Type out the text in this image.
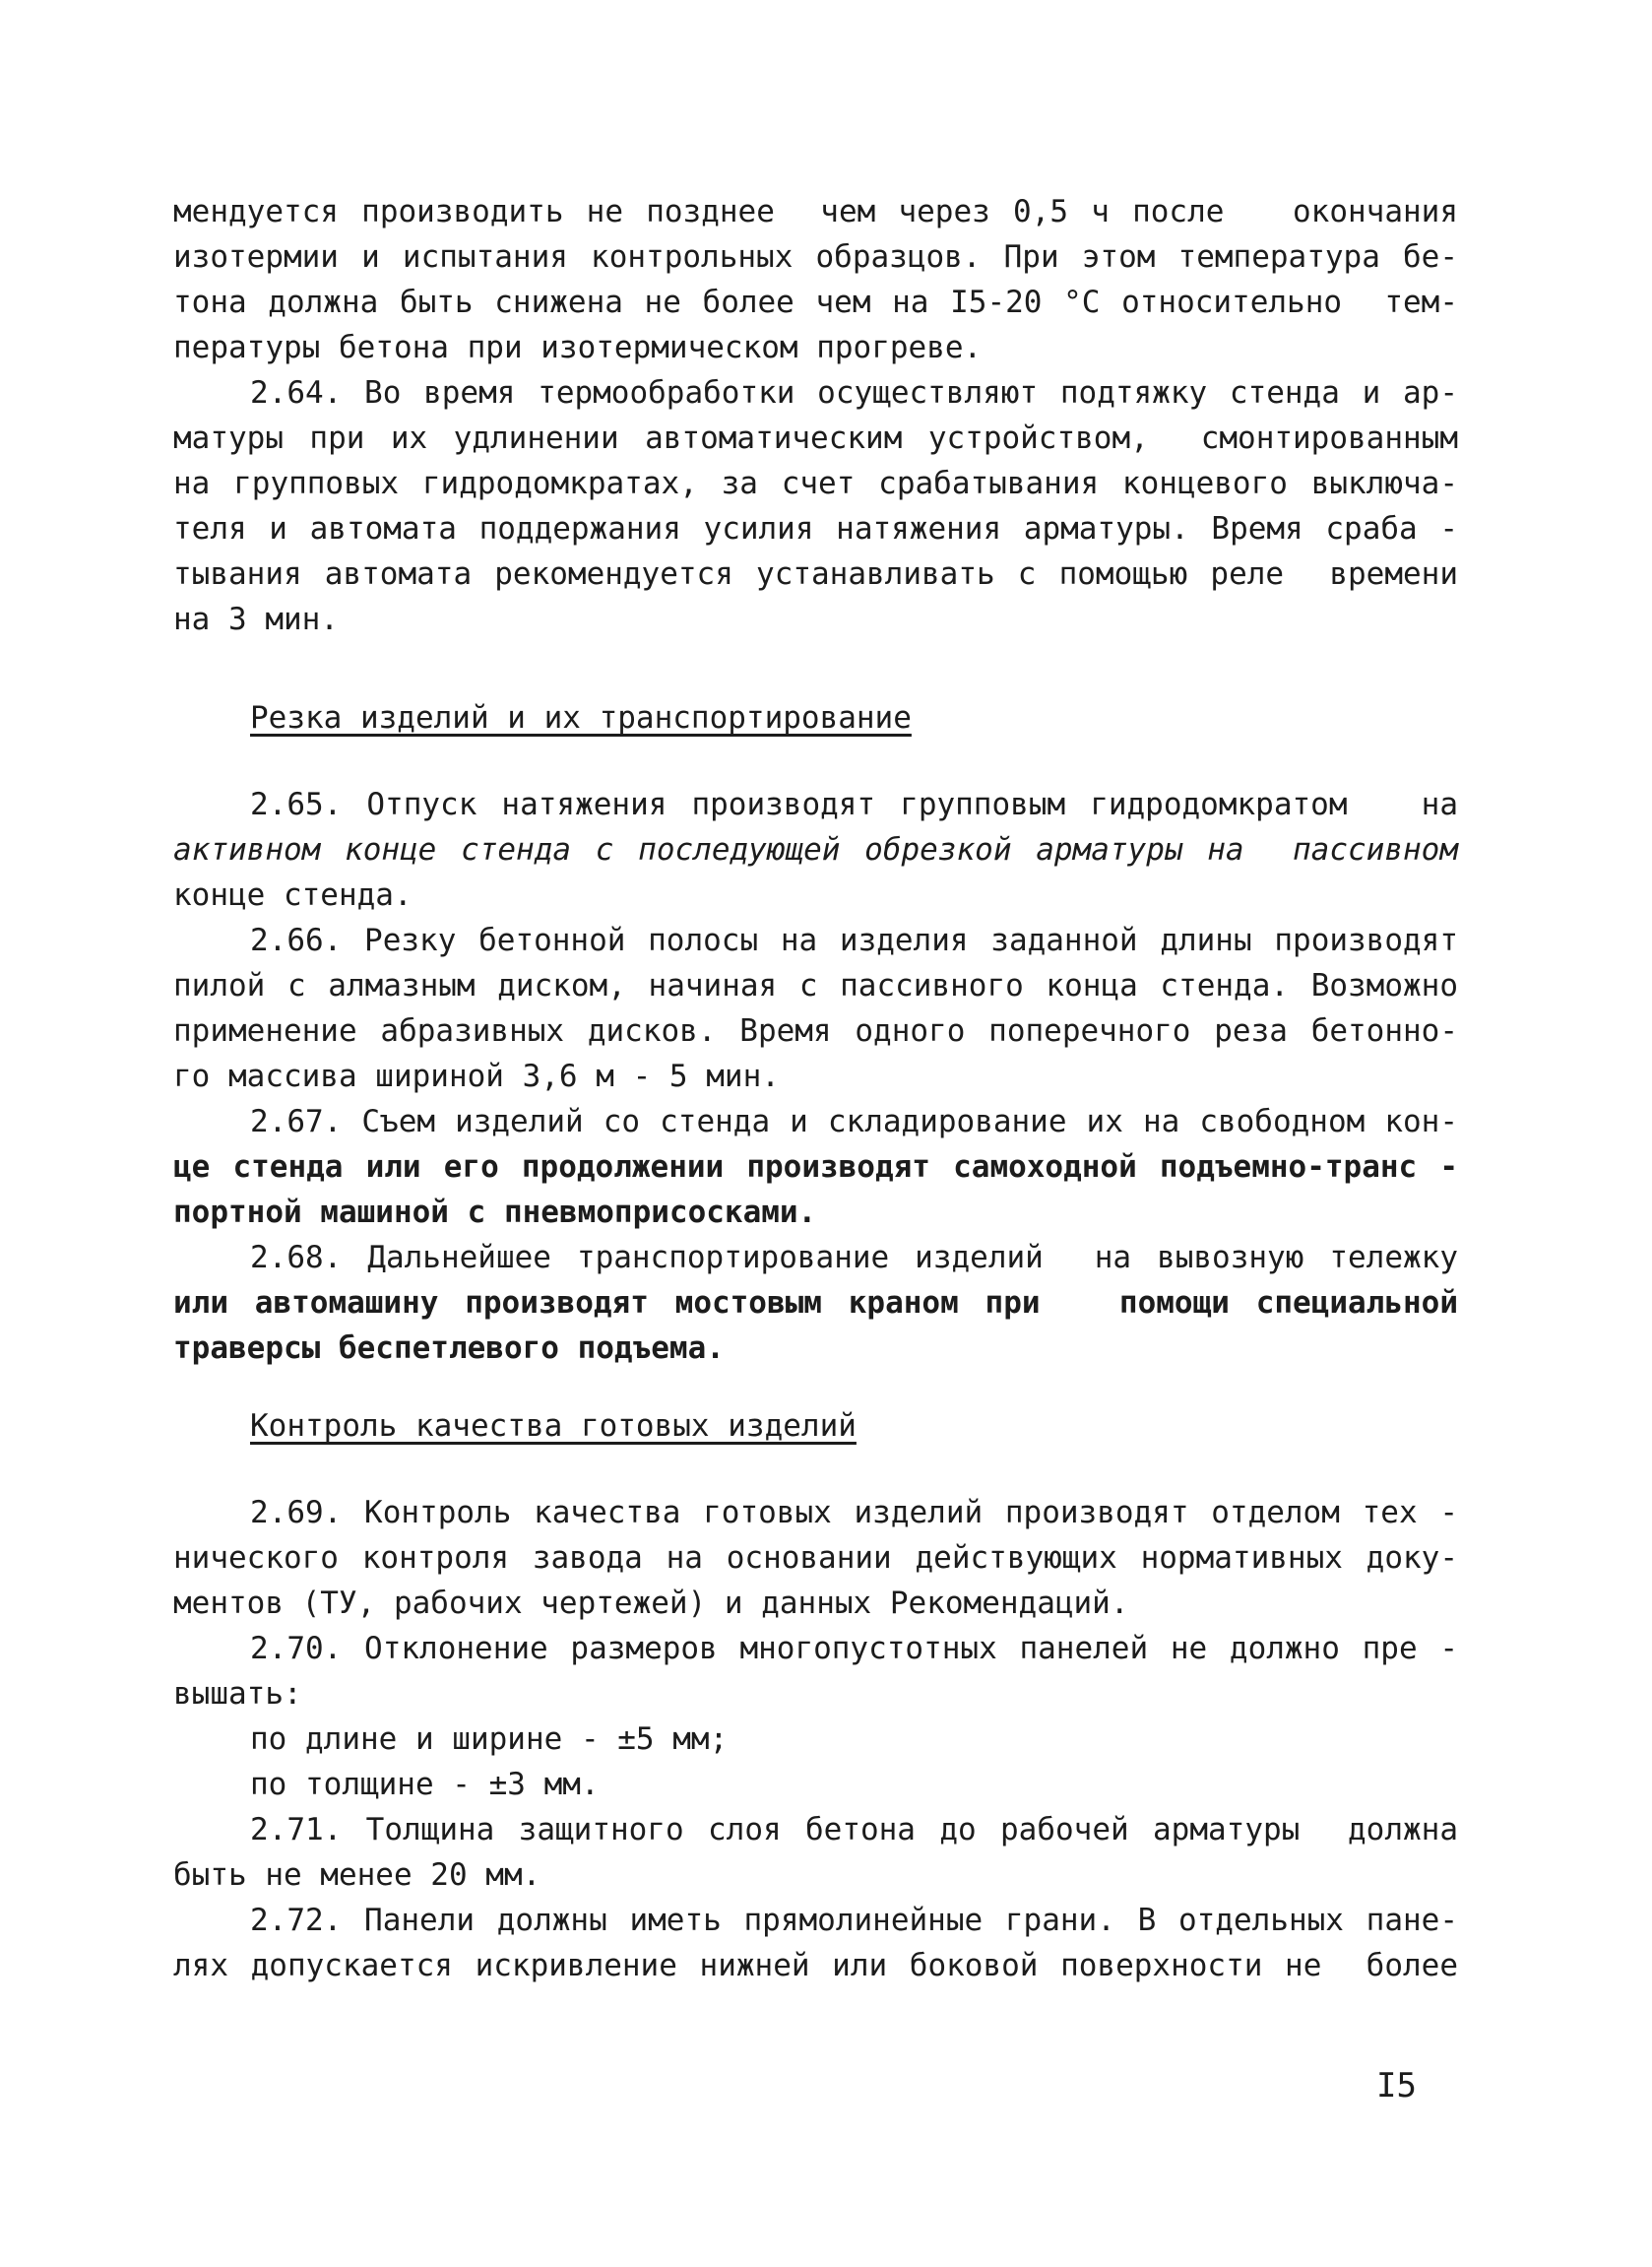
мендуется производить не позднее  чем через 0,5 ч после   окончания
изотермии и испытания контрольных образцов. При этом температура бе-
тона должна быть снижена не более чем на I5-20 °С относительно  тем-
пературы бетона при изотермическом прогреве.
2.64. Во время термообработки осуществляют подтяжку стенда и ар-
матуры при их удлинении автоматическим устройством,  смонтированным
на групповых гидродомкратах, за счет срабатывания концевого выключа-
теля и автомата поддержания усилия натяжения арматуры. Время сраба -
тывания автомата рекомендуется устанавливать с помощью реле  времени
на 3 мин.
Резка изделий и их транспортирование
2.65. Отпуск натяжения производят групповым гидродомкратом   на
активном конце стенда с последующей обрезкой арматуры на  пассивном
конце стенда.
2.66. Резку бетонной полосы на изделия заданной длины производят
пилой с алмазным диском, начиная с пассивного конца стенда. Возможно
применение абразивных дисков. Время одного поперечного реза бетонно-
го массива шириной 3,6 м - 5 мин.
2.67. Съем изделий со стенда и складирование их на свободном кон-
це стенда или его продолжении производят самоходной подъемно-транс -
портной машиной с пневмоприсосками.
2.68. Дальнейшее транспортирование изделий  на вывозную тележку
или автомашину производят мостовым краном при   помощи специальной
траверсы беспетлевого подъема.
Контроль качества готовых изделий
2.69. Контроль качества готовых изделий производят отделом тех -
нического контроля завода на основании действующих нормативных доку-
ментов (ТУ, рабочих чертежей) и данных Рекомендаций.
2.70. Отклонение размеров многопустотных панелей не должно пре -
вышать:
по длине и ширине - ±5 мм;
по толщине - ±3 мм.
2.71. Толщина защитного слоя бетона до рабочей арматуры  должна
быть не менее 20 мм.
2.72. Панели должны иметь прямолинейные грани. В отдельных пане-
лях допускается искривление нижней или боковой поверхности не  более
I5
